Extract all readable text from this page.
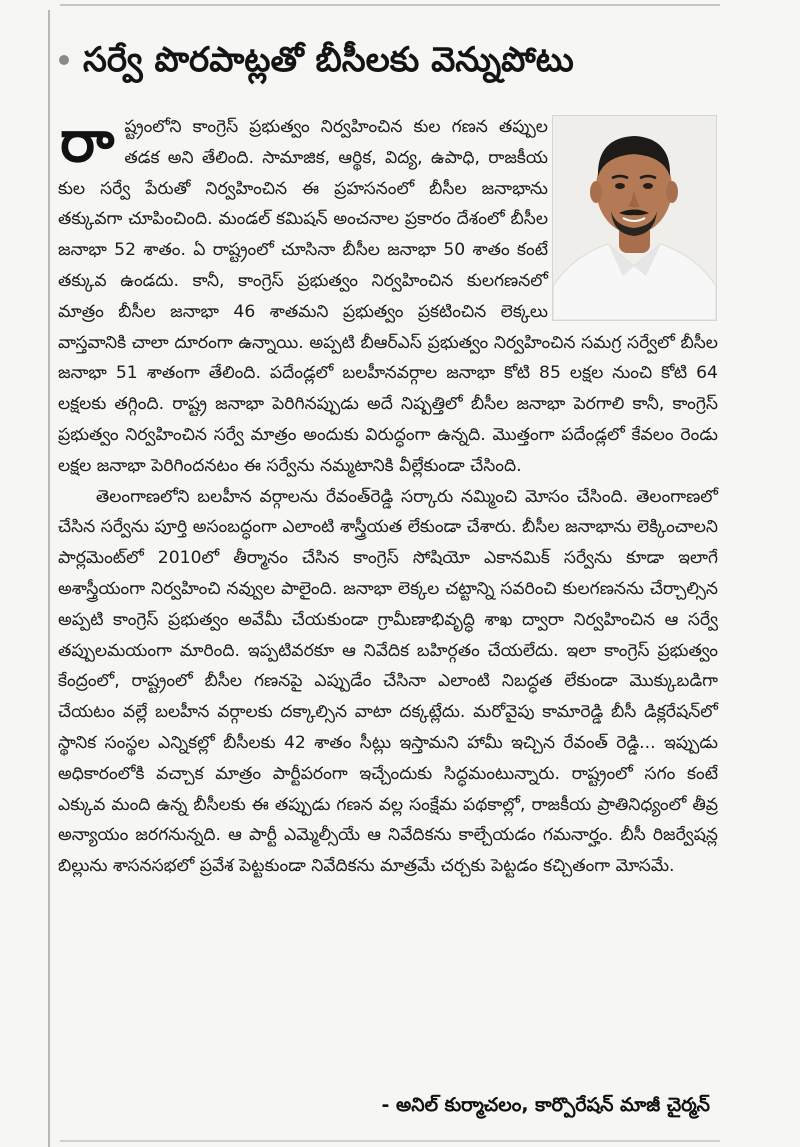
సర్వే పొరపాట్లతో బీసీలకు వెన్నుపోటు

రాష్ట్రంలోని కాంగ్రెస్ ప్రభుత్వం నిర్వహించిన కుల గణన తప్పుల తడక అని తేలింది. సామాజిక, ఆర్థిక, విద్య, ఉపాధి, రాజకీయ కుల సర్వే పేరుతో నిర్వహించిన ఈ ప్రహసనంలో బీసీల జనాభాను తక్కువగా చూపించింది. మండల్ కమిషన్ అంచనాల ప్రకారం దేశంలో బీసీల జనాభా 52 శాతం. ఏ రాష్ట్రంలో చూసినా బీసీల జనాభా 50 శాతం కంటే తక్కువ ఉండదు. కానీ, కాంగ్రెస్ ప్రభుత్వం నిర్వహించిన కులగణనలో మాత్రం బీసీల జనాభా 46 శాతమని ప్రభుత్వం ప్రకటించిన లెక్కలు వాస్తవానికి చాలా దూరంగా ఉన్నాయి. అప్పటి బీఆర్ఎస్ ప్రభుత్వం నిర్వహించిన సమగ్ర సర్వేలో బీసీల జనాభా 51 శాతంగా తేలింది. పదేండ్లలో బలహీనవర్గాల జనాభా కోటి 85 లక్షల నుంచి కోటి 64 లక్షలకు తగ్గింది. రాష్ట్ర జనాభా పెరిగినప్పుడు అదే నిష్పత్తిలో బీసీల జనాభా పెరగాలి కానీ, కాంగ్రెస్ ప్రభుత్వం నిర్వహించిన సర్వే మాత్రం అందుకు విరుద్ధంగా ఉన్నది. మొత్తంగా పదేండ్లలో కేవలం రెండు లక్షల జనాభా పెరిగిందనటం ఈ సర్వేను నమ్మటానికి వీల్లేకుండా చేసింది.

తెలంగాణలోని బలహీన వర్గాలను రేవంత్‌రెడ్డి సర్కారు నమ్మించి మోసం చేసింది. తెలంగాణలో చేసిన సర్వేను పూర్తి అసంబద్ధంగా ఎలాంటి శాస్త్రీయత లేకుండా చేశారు. బీసీల జనాభాను లెక్కించాలని పార్లమెంట్‌లో 2010లో తీర్మానం చేసిన కాంగ్రెస్ సోషియో ఎకానమిక్ సర్వేను కూడా ఇలాగే అశాస్త్రీయంగా నిర్వహించి నవ్వుల పాలైంది. జనాభా లెక్కల చట్టాన్ని సవరించి కులగణనను చేర్చాల్సిన అప్పటి కాంగ్రెస్ ప్రభుత్వం అవేమీ చేయకుండా గ్రామీణాభివృద్ధి శాఖ ద్వారా నిర్వహించిన ఆ సర్వే తప్పులమయంగా మారింది. ఇప్పటివరకూ ఆ నివేదిక బహిర్గతం చేయలేదు. ఇలా కాంగ్రెస్ ప్రభుత్వం కేంద్రంలో, రాష్ట్రంలో బీసీల గణనపై ఎప్పుడేం చేసినా ఎలాంటి నిబద్ధత లేకుండా మొక్కుబడిగా చేయటం వల్లే బలహీన వర్గాలకు దక్కాల్సిన వాటా దక్కట్లేదు. మరోవైపు కామారెడ్డి బీసీ డిక్లరేషన్‌లో స్థానిక సంస్థల ఎన్నికల్లో బీసీలకు 42 శాతం సీట్లు ఇస్తామని హామీ ఇచ్చిన రేవంత్ రెడ్డి... ఇప్పుడు అధికారంలోకి వచ్చాక మాత్రం పార్టీపరంగా ఇచ్చేందుకు సిద్ధమంటున్నారు. రాష్ట్రంలో సగం కంటే ఎక్కువ మంది ఉన్న బీసీలకు ఈ తప్పుడు గణన వల్ల సంక్షేమ పథకాల్లో, రాజకీయ ప్రాతినిధ్యంలో తీవ్ర అన్యాయం జరగనున్నది. ఆ పార్టీ ఎమ్మెల్సీయే ఆ నివేదికను కాల్చేయడం గమనార్హం. బీసీ రిజర్వేషన్ల బిల్లును శాసనసభలో ప్రవేశ పెట్టకుండా నివేదికను మాత్రమే చర్చకు పెట్టడం కచ్చితంగా మోసమే.

- అనిల్ కుర్మాచలం, కార్పొరేషన్ మాజీ చైర్మన్
